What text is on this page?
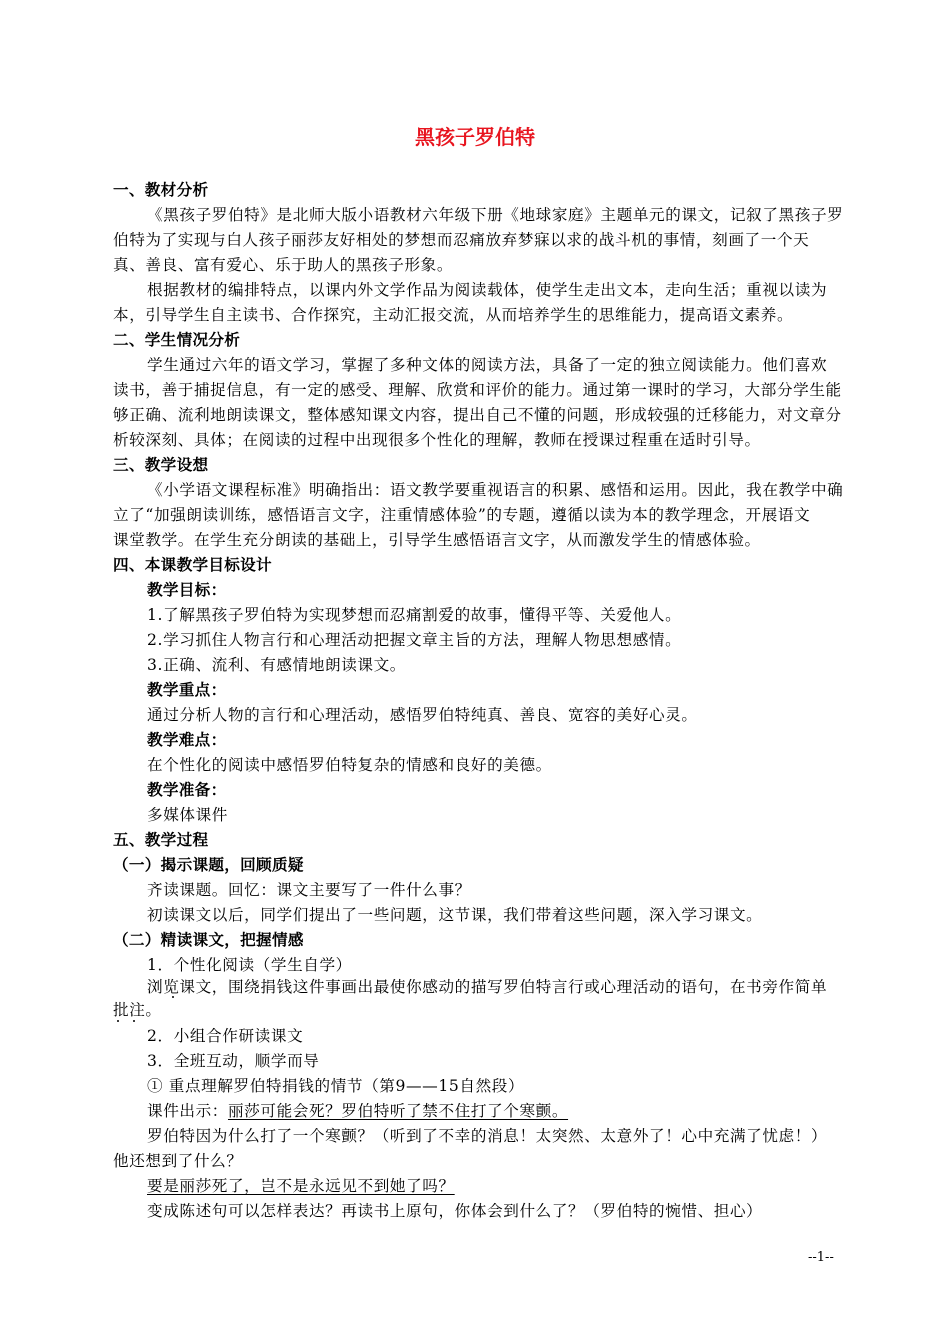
黑孩子罗伯特
一、教材分析
《黑孩子罗伯特》是北师大版小语教材六年级下册《地球家庭》主题单元的课文，记叙了黑孩子罗
伯特为了实现与白人孩子丽莎友好相处的梦想而忍痛放弃梦寐以求的战斗机的事情，刻画了一个天
真、善良、富有爱心、乐于助人的黑孩子形象。
根据教材的编排特点，以课内外文学作品为阅读载体，使学生走出文本，走向生活；重视以读为
本，引导学生自主读书、合作探究，主动汇报交流，从而培养学生的思维能力，提高语文素养。
二、学生情况分析
学生通过六年的语文学习，掌握了多种文体的阅读方法，具备了一定的独立阅读能力。他们喜欢
读书，善于捕捉信息，有一定的感受、理解、欣赏和评价的能力。通过第一课时的学习，大部分学生能
够正确、流利地朗读课文，整体感知课文内容，提出自己不懂的问题，形成较强的迁移能力，对文章分
析较深刻、具体；在阅读的过程中出现很多个性化的理解，教师在授课过程重在适时引导。
三、教学设想
《小学语文课程标准》明确指出：语文教学要重视语言的积累、感悟和运用。因此，我在教学中确
立了“加强朗读训练，感悟语言文字，注重情感体验”的专题，遵循以读为本的教学理念，开展语文
课堂教学。在学生充分朗读的基础上，引导学生感悟语言文字，从而激发学生的情感体验。
四、本课教学目标设计
教学目标：
1.了解黑孩子罗伯特为实现梦想而忍痛割爱的故事，懂得平等、关爱他人。
2.学习抓住人物言行和心理活动把握文章主旨的方法，理解人物思想感情。
3.正确、流利、有感情地朗读课文。
教学重点：
通过分析人物的言行和心理活动，感悟罗伯特纯真、善良、宽容的美好心灵。
教学难点：
在个性化的阅读中感悟罗伯特复杂的情感和良好的美德。
教学准备：
多媒体课件
五、教学过程
（一）揭示课题，回顾质疑
齐读课题。回忆：课文主要写了一件什么事？
初读课文以后，同学们提出了一些问题，这节课，我们带着这些问题，深入学习课文。
（二）精读课文，把握情感
1．个性化阅读（学生自学）
浏览课文，围绕捐钱这件事画出最使你感动的描写罗伯特言行或心理活动的语句，在书旁作简单
批注。
2．小组合作研读课文
3．全班互动，顺学而导
① 重点理解罗伯特捐钱的情节（第9——15自然段）
罗伯特因为什么打了一个寒颤？（听到了不幸的消息！太突然、太意外了！心中充满了忧虑！）
他还想到了什么？
变成陈述句可以怎样表达？再读书上原句，你体会到什么了？（罗伯特的惋惜、担心）
课件出示：丽莎可能会死？罗伯特听了禁不住打了个寒颤。
要是丽莎死了，岂不是永远见不到她了吗？
--1--
